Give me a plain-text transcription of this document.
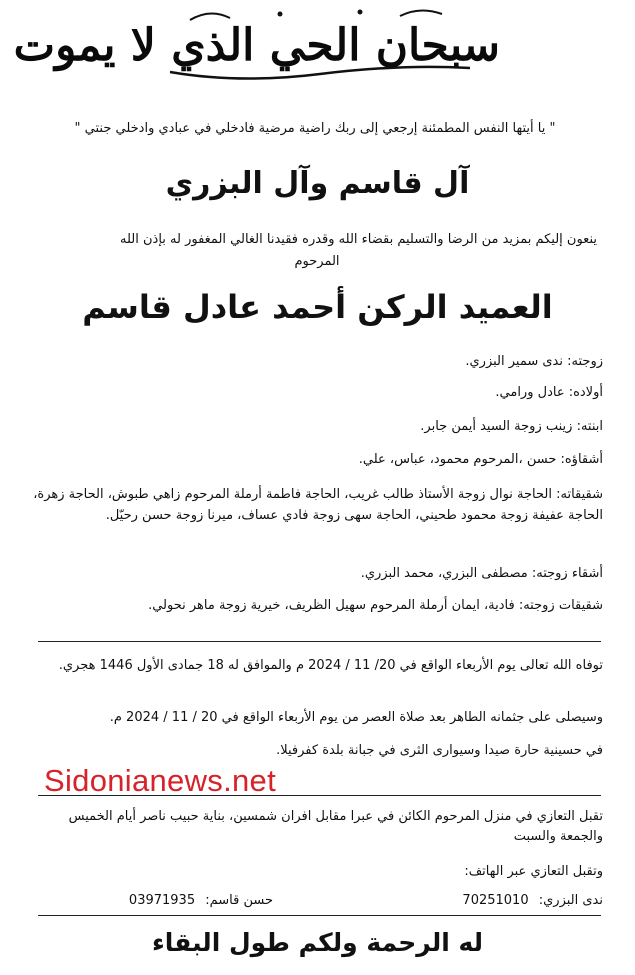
سبحان الحي الذي لا يموت
" يا أيتها النفس المطمئنة إرجعي إلى ربك راضية مرضية فادخلي في عبادي وادخلي جنتي "
آل قاسم وآل البزري
ينعون إليكم بمزيد من الرضا والتسليم بقضاء الله وقدره فقيدنا الغالي المغفور له بإذن الله
المرحوم
العميد الركن أحمد عادل قاسم
زوجته: ندى سمير البزري.
أولاده: عادل ورامي.
ابنته: زينب زوجة السيد أيمن جابر.
أشقاؤه: حسن ،المرحوم محمود، عباس، علي.
شقيقاته: الحاجة نوال زوجة الأستاذ طالب غريب، الحاجة فاطمة أرملة المرحوم زاهي طبوش، الحاجة زهرة، الحاجة عفيفة زوجة محمود طحيني، الحاجة سهى زوجة فادي عساف، ميرنا زوجة حسن رحيّل.
أشقاء زوجته: مصطفى البزري، محمد البزري.
شقيقات زوجته: فادية، ايمان أرملة المرحوم سهيل الظريف، خيرية زوجة ماهر نحولي.
توفاه الله تعالى يوم الأربعاء الواقع في 20/ 11 / 2024 م والموافق له 18 جمادى الأول 1446 هجري.
وسيصلى على جثمانه الطاهر بعد صلاة العصر من يوم الأربعاء الواقع في 20 / 11 / 2024 م.
في حسينية حارة صيدا وسيوارى الثرى في جبانة بلدة كفرفيلا.
Sidonianews.net
تقبل التعازي في منزل المرحوم الكائن في عبرا مقابل افران شمسين، بناية حبيب ناصر أيام الخميس والجمعة والسبت
وتقبل التعازي عبر الهاتف:
ندى البزري: 70251010
حسن قاسم: 03971935
له الرحمة ولكم طول البقاء
